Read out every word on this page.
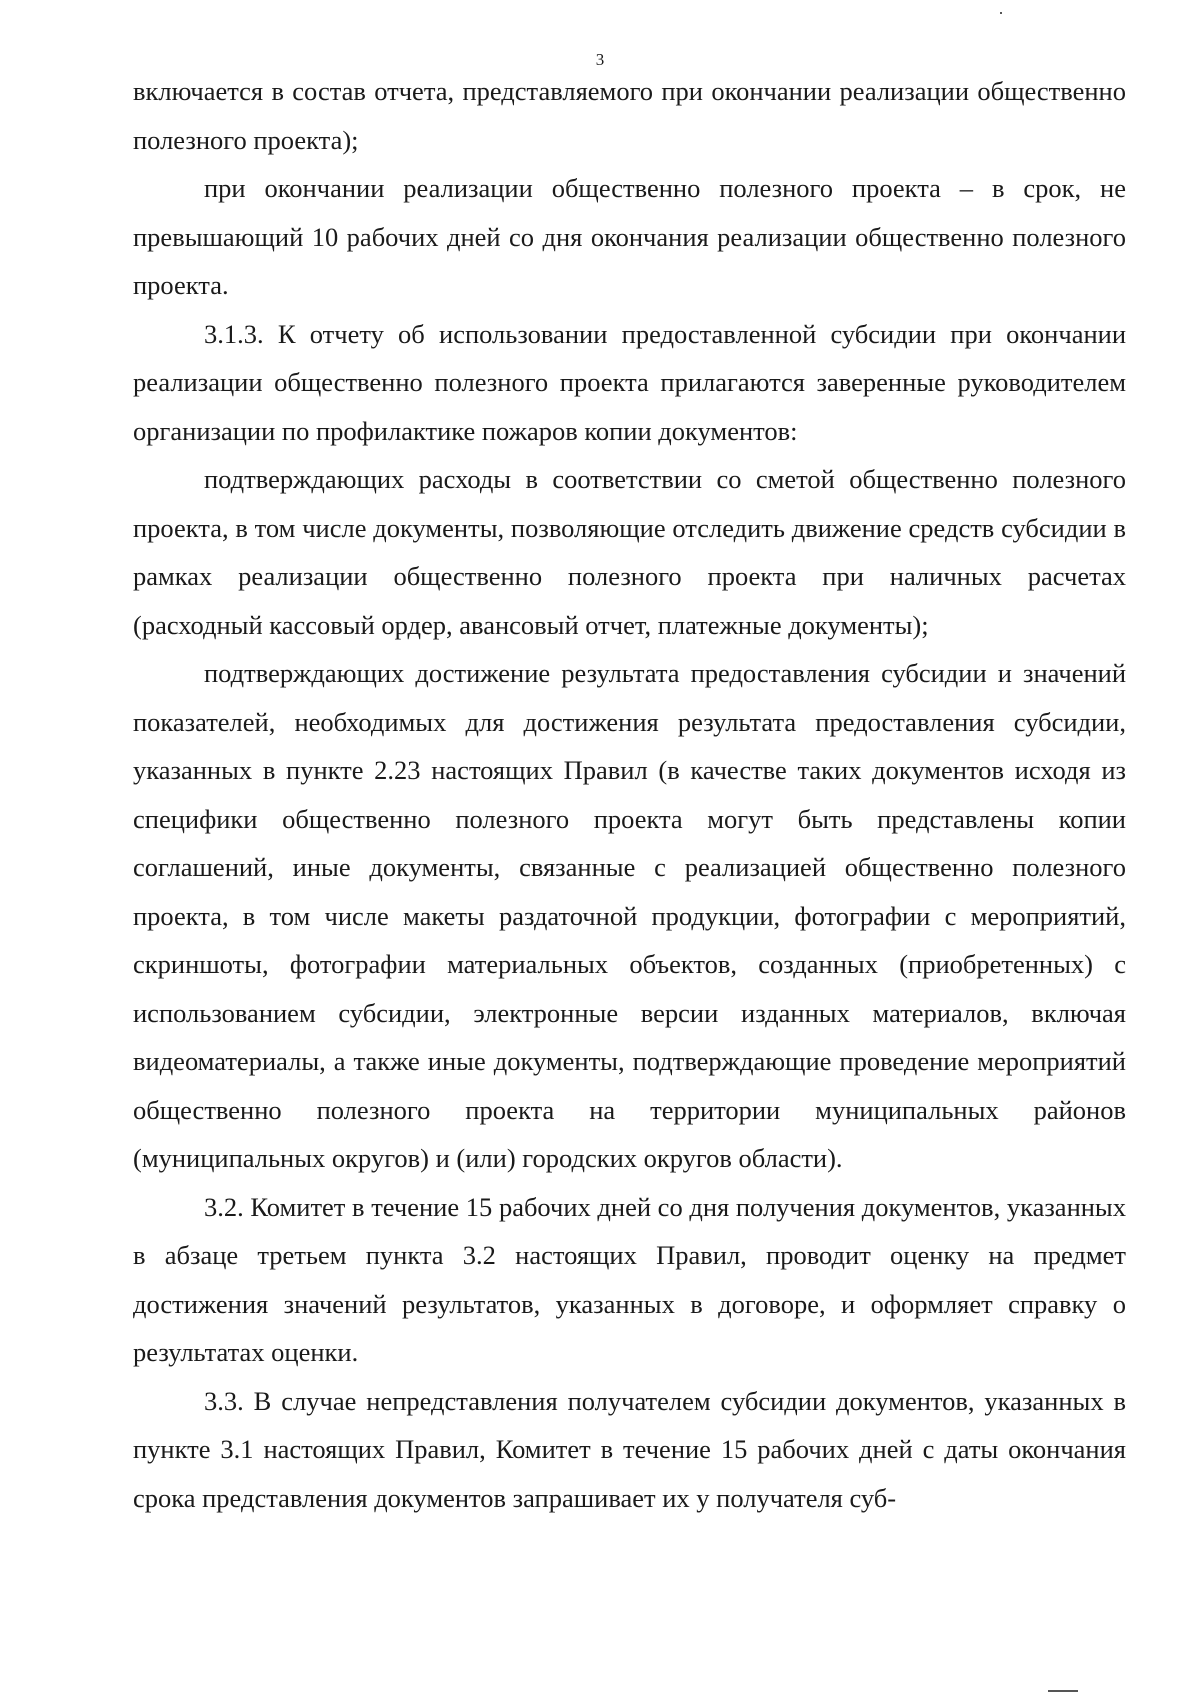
3

включается в состав отчета, представляемого при окончании реализации общественно полезного проекта);

при окончании реализации общественно полезного проекта – в срок, не превышающий 10 рабочих дней со дня окончания реализации общественно полезного проекта.

3.1.3. К отчету об использовании предоставленной субсидии при окончании реализации общественно полезного проекта прилагаются заверенные руководителем организации по профилактике пожаров копии документов:

подтверждающих расходы в соответствии со сметой общественно полезного проекта, в том числе документы, позволяющие отследить движение средств субсидии в рамках реализации общественно полезного проекта при наличных расчетах (расходный кассовый ордер, авансовый отчет, платежные документы);

подтверждающих достижение результата предоставления субсидии и значений показателей, необходимых для достижения результата предоставления субсидии, указанных в пункте 2.23 настоящих Правил (в качестве таких документов исходя из специфики общественно полезного проекта могут быть представлены копии соглашений, иные документы, связанные с реализацией общественно полезного проекта, в том числе макеты раздаточной продукции, фотографии с мероприятий, скриншоты, фотографии материальных объектов, созданных (приобретенных) с использованием субсидии, электронные версии изданных материалов, включая видеоматериалы, а также иные документы, подтверждающие проведение мероприятий общественно полезного проекта на территории муниципальных районов (муниципальных округов) и (или) городских округов области).

3.2. Комитет в течение 15 рабочих дней со дня получения документов, указанных в абзаце третьем пункта 3.2 настоящих Правил, проводит оценку на предмет достижения значений результатов, указанных в договоре, и оформляет справку о результатах оценки.

3.3. В случае непредставления получателем субсидии документов, указанных в пункте 3.1 настоящих Правил, Комитет в течение 15 рабочих дней с даты окончания срока представления документов запрашивает их у получателя суб-
